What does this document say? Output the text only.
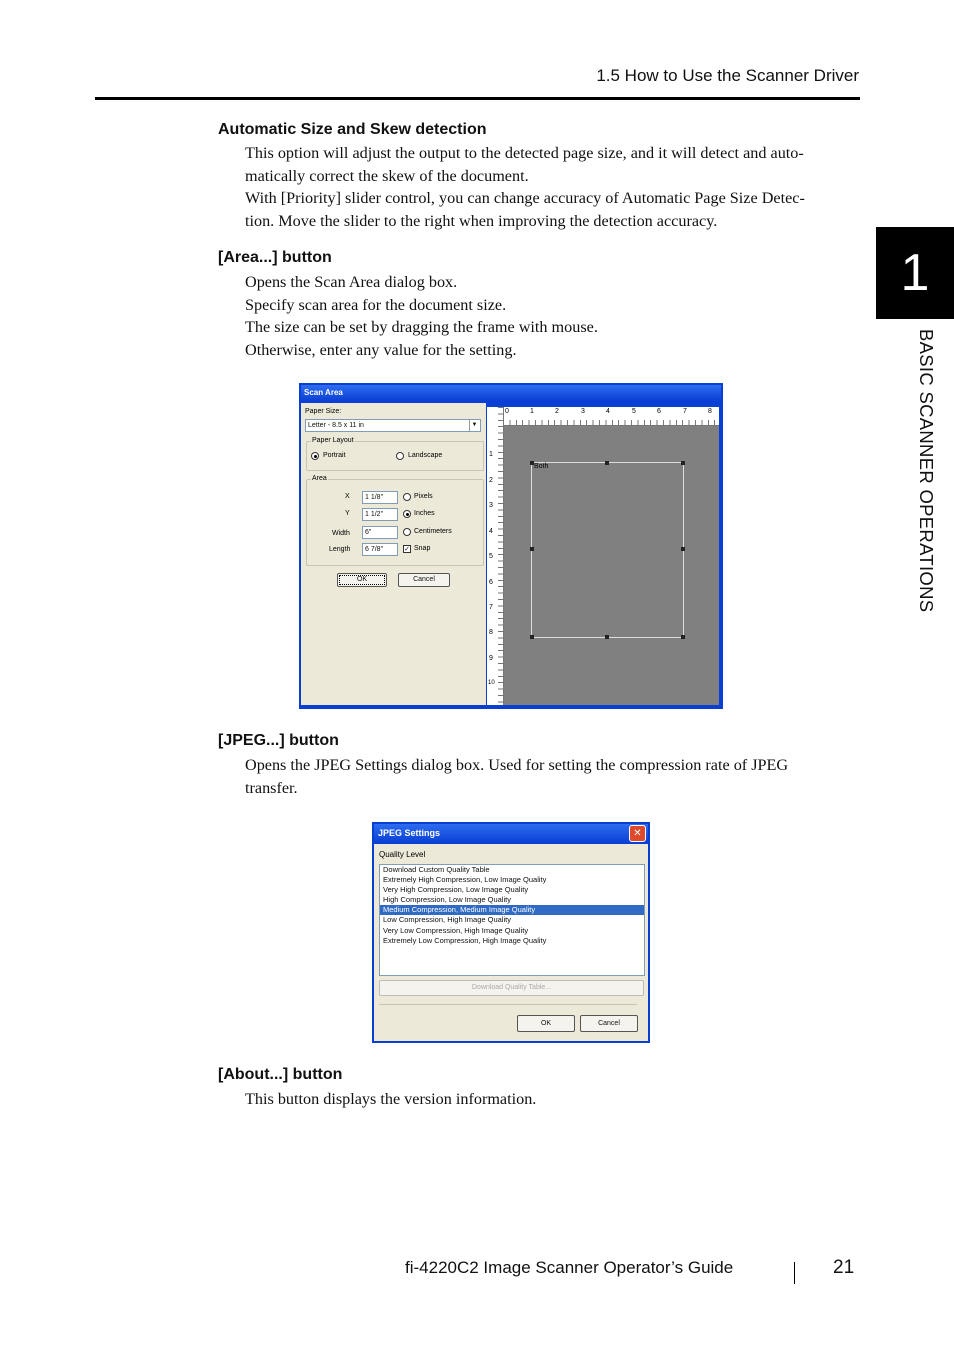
1.5 How to Use the Scanner Driver
1
BASIC SCANNER OPERATIONS
Automatic Size and Skew detection
This option will adjust the output to the detected page size, and it will detect and auto-
matically correct the skew of the document.
With [Priority] slider control, you can change accuracy of Automatic Page Size Detec-
tion. Move the slider to the right when improving the detection accuracy.
[Area...] button
Opens the Scan Area dialog box.
Specify scan area for the document size.
The size can be set by dragging the frame with mouse.
Otherwise, enter any value for the setting.
Scan Area
Paper Size:
Letter - 8.5 x 11 in	▼
Paper Layout
Portrait	Landscape
Area
X	1 1/8"
Y	1 1/2"
Width	6"
Length	6 7/8"
Pixels
Inches
Centimeters
✓ Snap
OK	Cancel
0	1	2	3	4	5	6	7	8
1
2
3
4
5
6
7
8
9
10
Both
[JPEG...] button
Opens the JPEG Settings dialog box. Used for setting the compression rate of JPEG
transfer.
JPEG Settings	✕
Quality Level
Download Custom Quality Table
Extremely High Compression, Low Image Quality
Very High Compression, Low Image Quality
High Compression, Low Image Quality
Medium Compression, Medium Image Quality
Low Compression, High Image Quality
Very Low Compression, High Image Quality
Extremely Low Compression, High Image Quality
Download Quality Table...
OK	Cancel
[About...] button
This button displays the version information.
fi-4220C2 Image Scanner Operator’s Guide	21
